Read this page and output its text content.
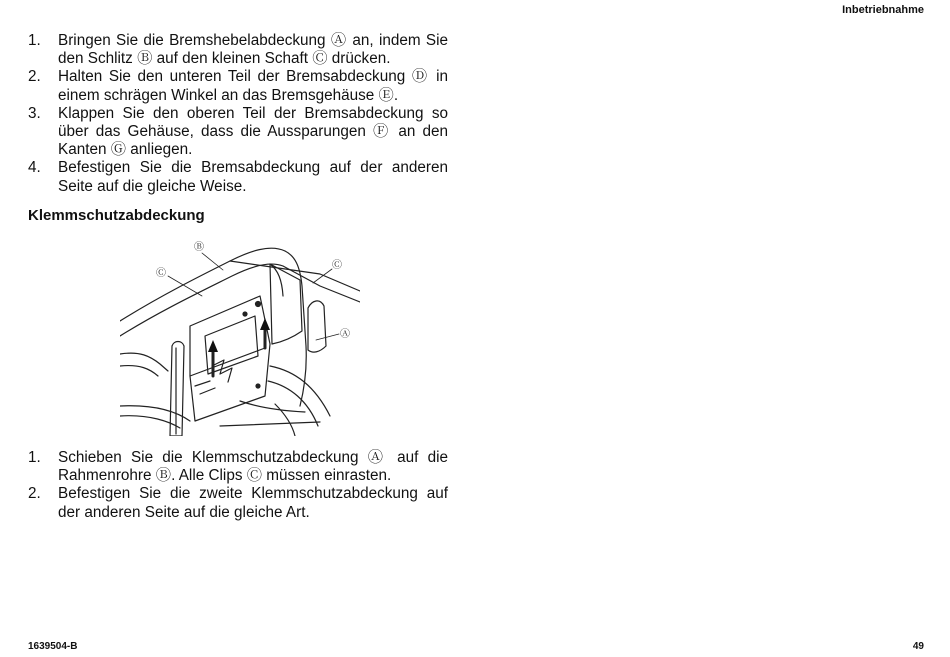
Inbetriebnahme
1.	Bringen Sie die Bremshebelabdeckung Ⓐ an, indem Sie den Schlitz Ⓑ auf den kleinen Schaft Ⓒ drücken.
2.	Halten Sie den unteren Teil der Bremsabdeckung Ⓓ in einem schrägen Winkel an das Bremsgehäuse Ⓔ.
3.	Klappen Sie den oberen Teil der Bremsabdeckung so über das Gehäuse, dass die Aussparungen Ⓕ an den Kanten Ⓖ anliegen.
4.	Befestigen Sie die Bremsabdeckung auf der anderen Seite auf die gleiche Weise.
Klemmschutzabdeckung
Ⓑ
Ⓒ
Ⓒ
Ⓐ
1.	Schieben Sie die Klemmschutzabdeckung Ⓐ auf die Rahmenrohre Ⓑ. Alle Clips Ⓒ müssen einrasten.
2.	Befestigen Sie die zweite Klemmschutzabdeckung auf der anderen Seite auf die gleiche Art.
1639504-B	49
